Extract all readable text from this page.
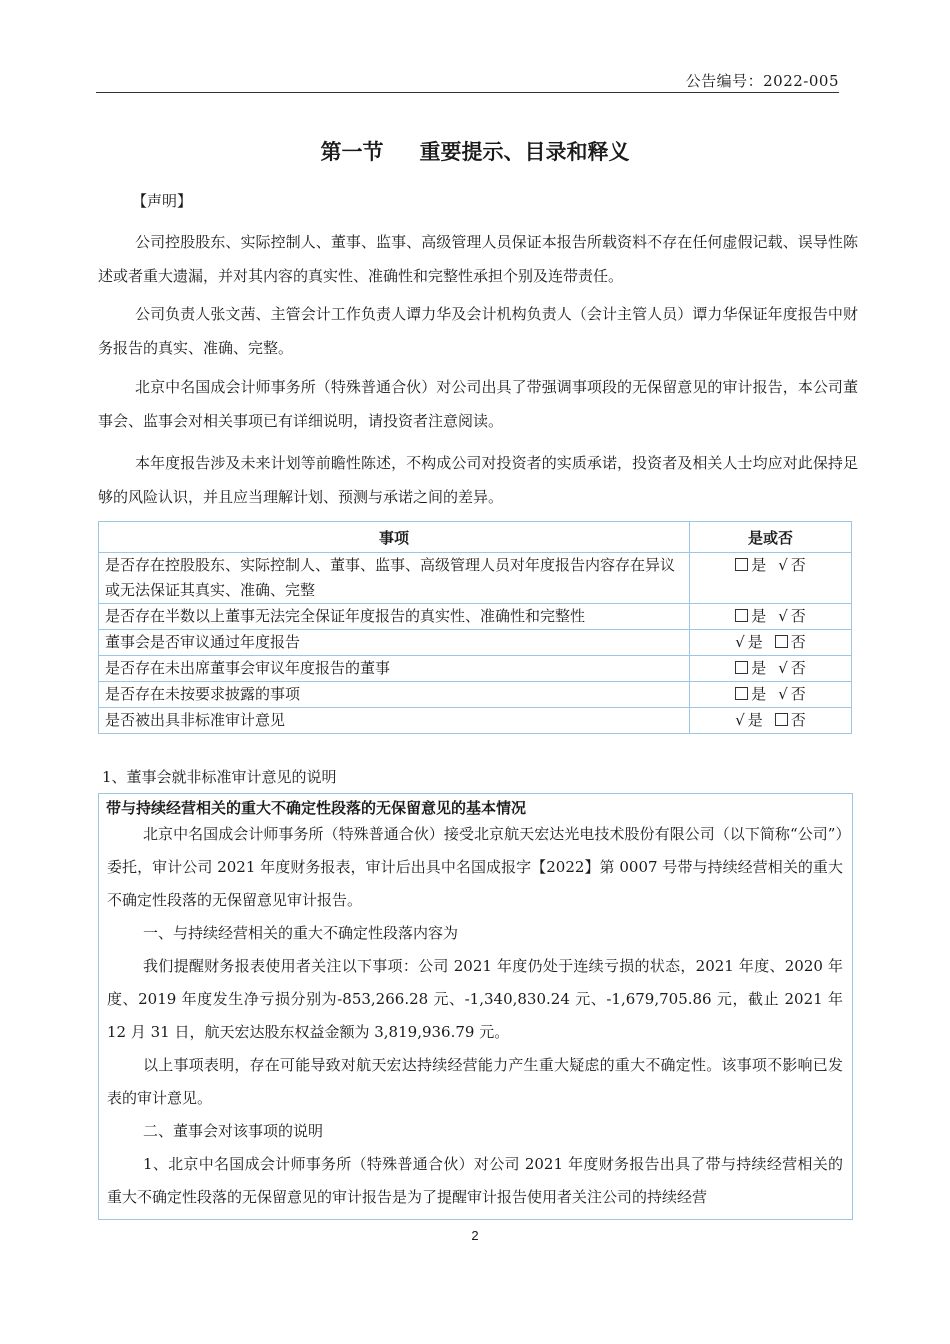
公告编号：2022-005
第一节 重要提示、目录和释义
【声明】
公司控股股东、实际控制人、董事、监事、高级管理人员保证本报告所载资料不存在任何虚假记载、误导性陈述或者重大遗漏，并对其内容的真实性、准确性和完整性承担个别及连带责任。
公司负责人张文茜、主管会计工作负责人谭力华及会计机构负责人（会计主管人员）谭力华保证年度报告中财务报告的真实、准确、完整。
北京中名国成会计师事务所（特殊普通合伙）对公司出具了带强调事项段的无保留意见的审计报告，本公司董事会、监事会对相关事项已有详细说明，请投资者注意阅读。
本年度报告涉及未来计划等前瞻性陈述，不构成公司对投资者的实质承诺，投资者及相关人士均应对此保持足够的风险认识，并且应当理解计划、预测与承诺之间的差异。
事项	是或否
是否存在控股股东、实际控制人、董事、监事、高级管理人员对年度报告内容存在异议或无法保证其真实、准确、完整	是 √ 否
是否存在半数以上董事无法完全保证年度报告的真实性、准确性和完整性	是 √ 否
董事会是否审议通过年度报告	√ 是 否
是否存在未出席董事会审议年度报告的董事	是 √ 否
是否存在未按要求披露的事项	是 √ 否
是否被出具非标准审计意见	√ 是 否
1、董事会就非标准审计意见的说明
北京中名国成会计师事务所（特殊普通合伙）接受北京航天宏达光电技术股份有限公司（以下简称“公司”）委托，审计公司 2021 年度财务报表，审计后出具中名国成报字【2022】第 0007 号带与持续经营相关的重大不确定性段落的无保留意见审计报告。
一、与持续经营相关的重大不确定性段落内容为
我们提醒财务报表使用者关注以下事项：公司 2021 年度仍处于连续亏损的状态，2021 年度、2020 年度、2019 年度发生净亏损分别为-853,266.28 元、-1,340,830.24 元、-1,679,705.86 元，截止 2021 年 12 月 31 日，航天宏达股东权益金额为 3,819,936.79 元。
以上事项表明，存在可能导致对航天宏达持续经营能力产生重大疑虑的重大不确定性。该事项不影响已发表的审计意见。
二、董事会对该事项的说明
1、北京中名国成会计师事务所（特殊普通合伙）对公司 2021 年度财务报告出具了带与持续经营相关的重大不确定性段落的无保留意见的审计报告是为了提醒审计报告使用者关注公司的持续经营
带与持续经营相关的重大不确定性段落的无保留意见的基本情况
2
